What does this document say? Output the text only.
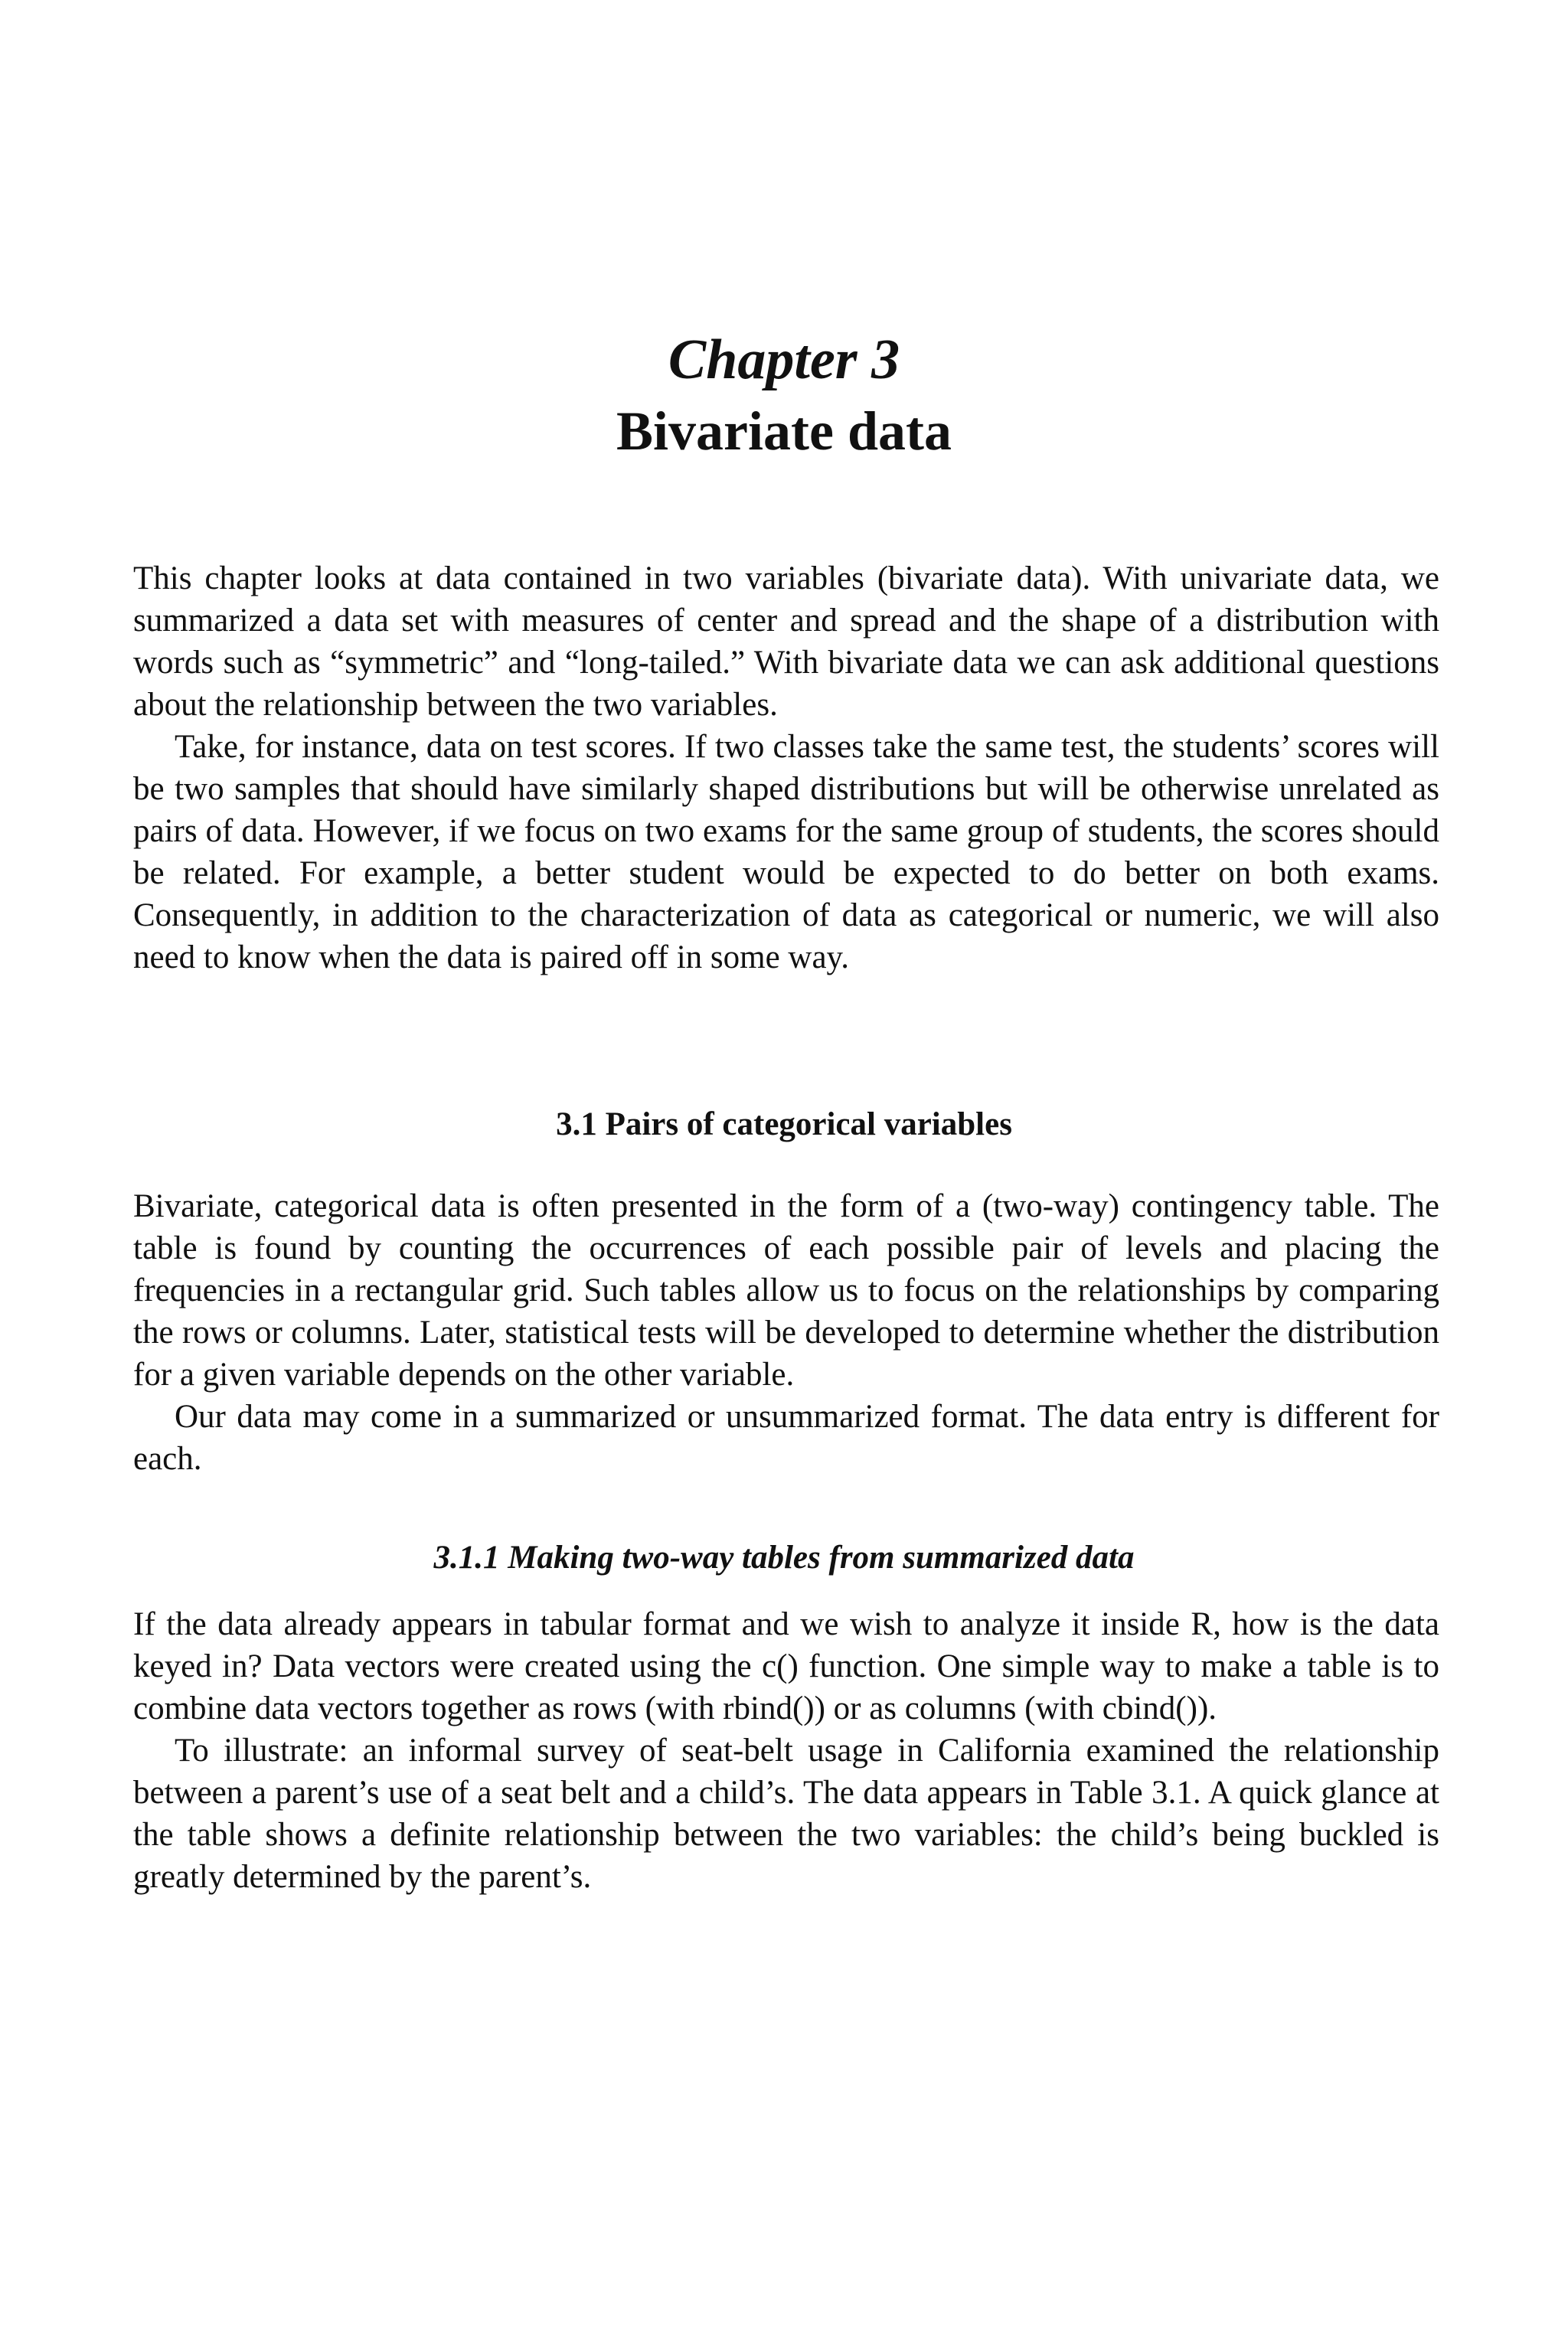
Chapter 3
Bivariate data

This chapter looks at data contained in two variables (bivariate data). With univariate data, we summarized a data set with measures of center and spread and the shape of a distribution with words such as “symmetric” and “long-tailed.” With bivariate data we can ask additional questions about the relationship between the two variables.

Take, for instance, data on test scores. If two classes take the same test, the students’ scores will be two samples that should have similarly shaped distributions but will be otherwise unrelated as pairs of data. However, if we focus on two exams for the same group of students, the scores should be related. For example, a better student would be expected to do better on both exams. Consequently, in addition to the characterization of data as categorical or numeric, we will also need to know when the data is paired off in some way.

3.1 Pairs of categorical variables

Bivariate, categorical data is often presented in the form of a (two-way) contingency table. The table is found by counting the occurrences of each possible pair of levels and placing the frequencies in a rectangular grid. Such tables allow us to focus on the relationships by comparing the rows or columns. Later, statistical tests will be developed to determine whether the distribution for a given variable depends on the other variable.

Our data may come in a summarized or unsummarized format. The data entry is different for each.

3.1.1 Making two-way tables from summarized data

If the data already appears in tabular format and we wish to analyze it inside R, how is the data keyed in? Data vectors were created using the c() function. One simple way to make a table is to combine data vectors together as rows (with rbind()) or as columns (with cbind()).

To illustrate: an informal survey of seat-belt usage in California examined the relationship between a parent’s use of a seat belt and a child’s. The data appears in Table 3.1. A quick glance at the table shows a definite relationship between the two variables: the child’s being buckled is greatly determined by the parent’s.
